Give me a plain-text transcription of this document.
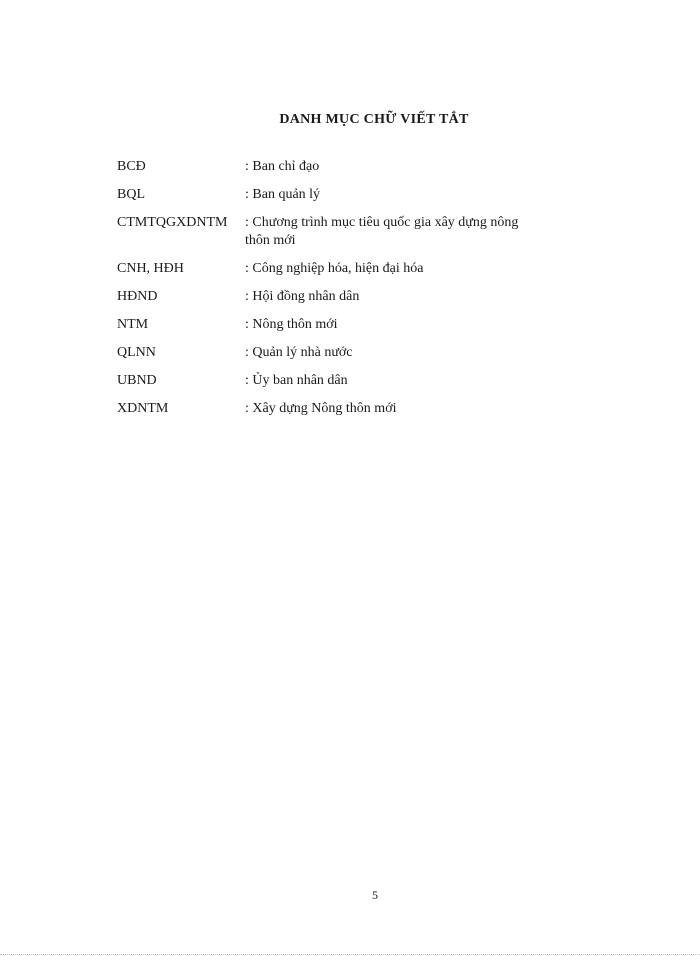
DANH MỤC CHỮ VIẾT TẮT
BCĐ	: Ban chỉ đạo
BQL	: Ban quản lý
CTMTQGXDNTM	: Chương trình mục tiêu quốc gia xây dựng nông thôn mới
CNH, HĐH	: Công nghiệp hóa, hiện đại hóa
HĐND	: Hội đồng nhân dân
NTM	: Nông thôn mới
QLNN	: Quản lý nhà nước
UBND	: Ủy ban nhân dân
XDNTM	: Xây dựng Nông thôn mới
5
